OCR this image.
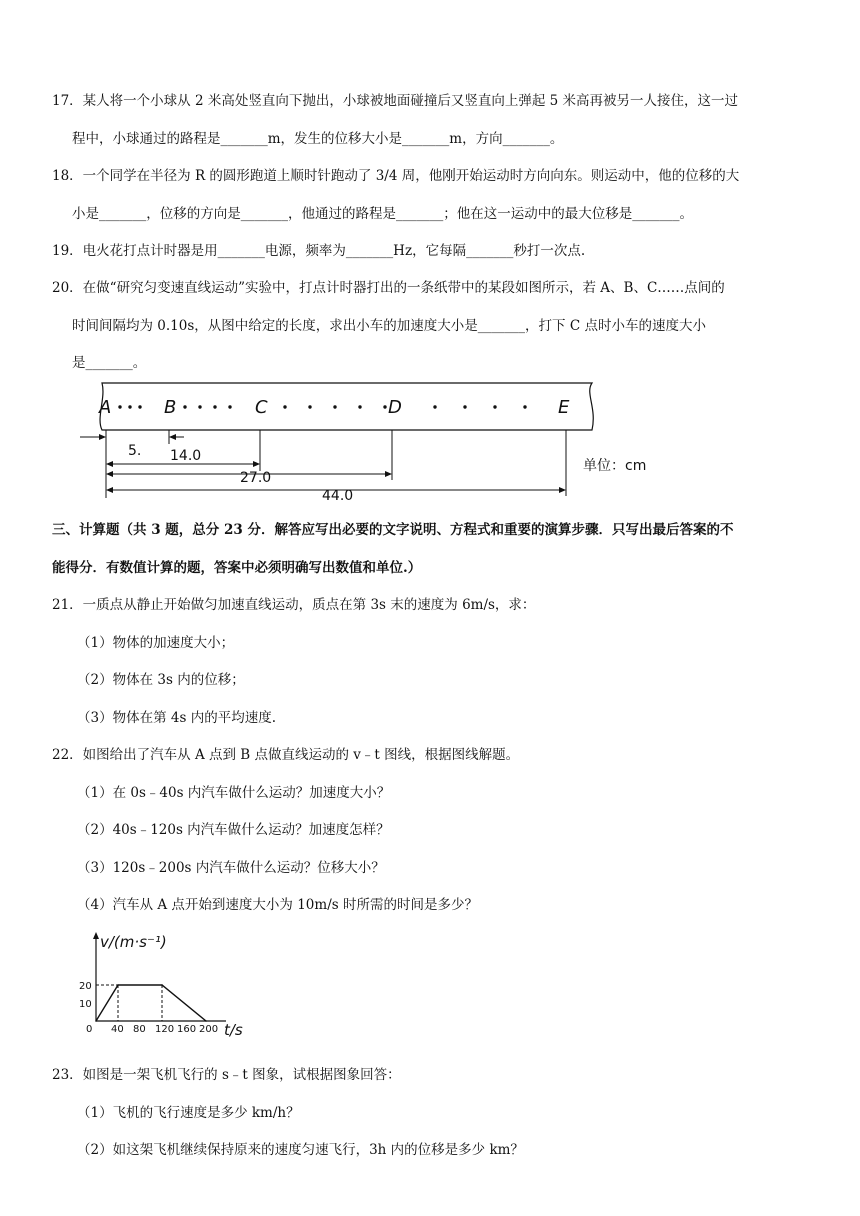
17．某人将一个小球从 2 米高处竖直向下抛出，小球被地面碰撞后又竖直向上弹起 5 米高再被另一人接住，这一过
程中，小球通过的路程是_______m，发生的位移大小是_______m，方向_______。
18．一个同学在半径为 R 的圆形跑道上顺时针跑动了 3/4 周，他刚开始运动时方向向东。则运动中，他的位移的大
小是_______，位移的方向是_______，他通过的路程是_______；他在这一运动中的最大位移是_______。
19．电火花打点计时器是用_______电源，频率为_______Hz，它每隔_______秒打一次点.
20．在做“研究匀变速直线运动”实验中，打点计时器打出的一条纸带中的某段如图所示，若 A、B、C……点间的
时间间隔均为 0.10s，从图中给定的长度，求出小车的加速度大小是_______，打下 C 点时小车的速度大小
是_______。
A	B	C	D	E
5. 14.0
27.0
44.0
单位：cm
三、计算题（共 3 题，总分 23 分．解答应写出必要的文字说明、方程式和重要的演算步骤．只写出最后答案的不
能得分．有数值计算的题，答案中必须明确写出数值和单位.）
21．一质点从静止开始做匀加速直线运动，质点在第 3s 末的速度为 6m/s，求：
（1）物体的加速度大小；
（2）物体在 3s 内的位移；
（3）物体在第 4s 内的平均速度.
22．如图给出了汽车从 A 点到 B 点做直线运动的 v﹣t 图线，根据图线解题。
（1）在 0s﹣40s 内汽车做什么运动？加速度大小？
（2）40s﹣120s 内汽车做什么运动？加速度怎样？
（3）120s﹣200s 内汽车做什么运动？位移大小？
（4）汽车从 A 点开始到速度大小为 10m/s 时所需的时间是多少？
v/(m·s⁻¹)
t/s
0 40 80 120 160 200
10
20
23．如图是一架飞机飞行的 s﹣t 图象，试根据图象回答：
（1）飞机的飞行速度是多少 km/h？
（2）如这架飞机继续保持原来的速度匀速飞行，3h 内的位移是多少 km？
